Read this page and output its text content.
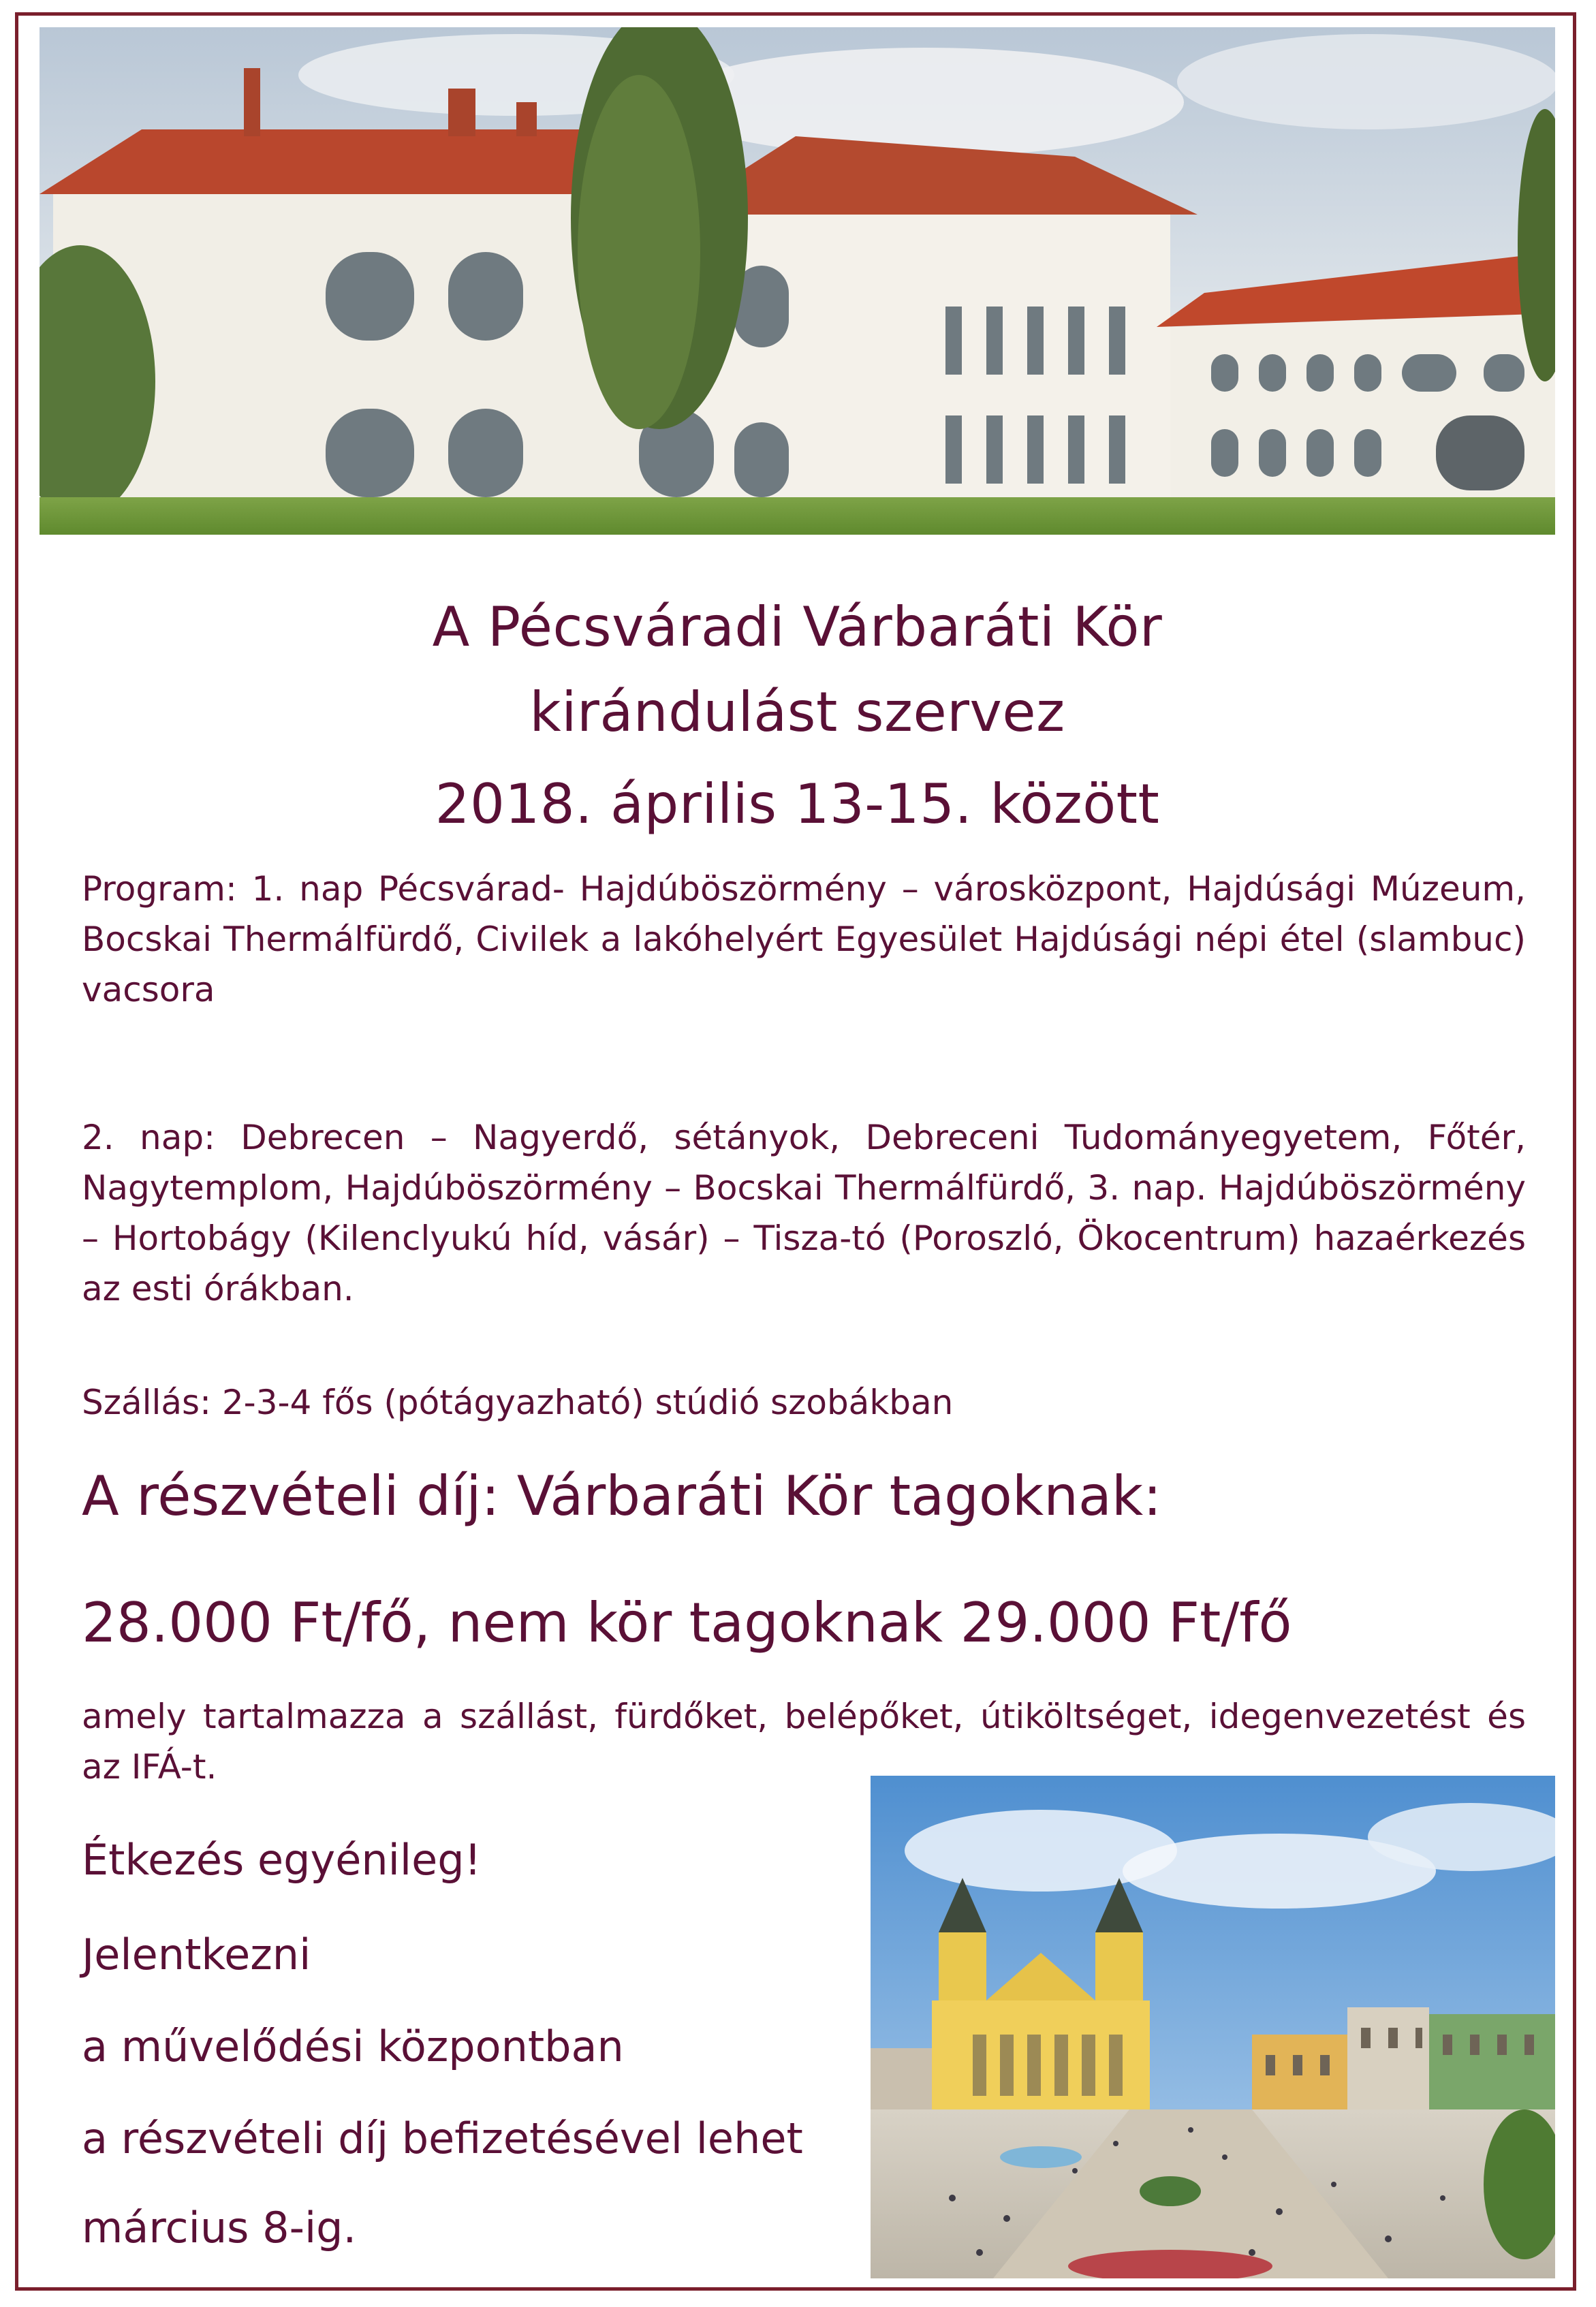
A Pécsváradi Várbaráti Kör
kirándulást szervez
2018. április 13-15. között
Program: 1. nap Pécsvárad- Hajdúböszörmény – városközpont, Hajdúsági Múzeum, Bocskai Thermálfürdő, Civilek a lakóhelyért Egyesület Hajdúsági népi étel (slambuc) vacsora
2. nap: Debrecen – Nagyerdő, sétányok, Debreceni Tudományegyetem, Főtér, Nagytemplom, Hajdúböszörmény – Bocskai Thermálfürdő, 3. nap. Hajdúböszörmény – Hortobágy (Kilenclyukú híd, vásár) – Tisza-tó (Poroszló, Ökocentrum) hazaérkezés az esti órákban.
Szállás: 2-3-4 fős (pótágyazható) stúdió szobákban
A részvételi díj: Várbaráti Kör tagoknak:
28.000 Ft/fő, nem kör tagoknak 29.000 Ft/fő
amely tartalmazza a szállást, fürdőket, belépőket, útiköltséget, idegenvezetést és az IFÁ-t.
Étkezés egyénileg!
Jelentkezni
a művelődési központban
a részvételi díj befizetésével lehet
március 8-ig.
